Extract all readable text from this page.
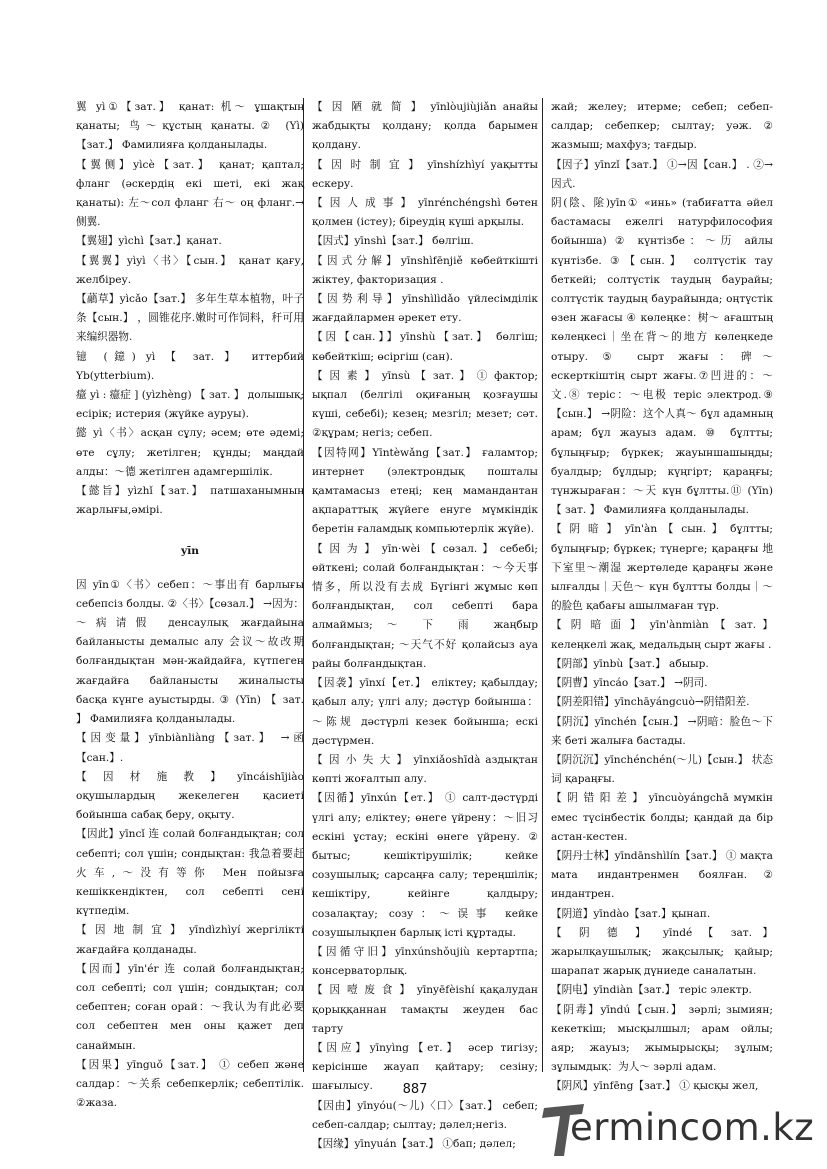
翼 yì①【зат.】 қанат: 机～ ұшақтың қанаты; 鸟～құстың қанаты.② (Yì)【зат.】 Фамилияға қолданылады.
【翼侧】yìcè【зат.】 қанат; қаптал; фланг (әскердің екі шеті, екі жақ қанаты): 左～сол фланг 右～ оң фланг.→侧翼.
【翼翅】yìchì【зат.】қанат.
【翼翼】yìyì〈书〉【сын.】 қанат қағу, желбірeу.
【虉草】yìcǎo【зат.】 多年生草本植物，叶子条【сын.】 ，圆锥花序.嫩时可作饲料，秆可用来编织器物.
镱 (鐿) yì 【 зат. 】 иттербий Yb(ytterbium).
癔 yì : 癔症 ] (yìzhèng) 【 зат. 】 долышық; есірік; истерия (жүйке ауруы).
懿 yì〈书〉асқан сұлу; әсем; өте әдемі; өте сұлу; жетілген; құнды; маңдай алды：～德 жетілген адамгершілік.
【懿旨】yìzhǐ【зат.】 патшаханымның жарлығы,әмірі.
yīn
因 yīn①〈书〉себеп：～事出有 барлығы себепсіз болды. ②〈书〉【сөзал.】 →因为：～病请假 денсаулық жағдайына байланысты демалыс алу 会议～故改期 болғандықтан мән-жайдайға, күтпеген жағдайға байланысты жиналысты басқа күнге ауыстырды. ③ (Yīn) 【 зат. 】 Фамилияға қолданылады.
【因变量】yīnbiànliàng【зат.】 →函【сан.】.
【 因 材 施 教 】 yīncáishījiào оқушылардың жекелеген қасиеті бойынша сабақ беру, оқыту.
【因此】yīncǐ 连 солай болғандықтан; сол себепті; сол үшін; сондықтан: 我急着要赶火车,～没有等你 Мен пойызға кешіккендіктен, сол себепті сені күтпедім.
【 因 地 制 宜 】 yīndìzhìyí жергілікті жағдайға қолданады.
【因而】yīn'ér 连 солай болғандықтан; сол себепті; сол үшін; сондықтан; сол себептен; соған орай：～我认为有此必要 сол себептен мен оны қажет деп санаймын.
【因果】yīnguǒ【зат.】 ① себеп және салдар：～关系 себепкерлік; себептілік. ②жаза.
【 因 陋 就 简 】 yīnlòujiùjiǎn анайы жабдықты қолдану; қолда барымен қолдану.
【 因 时 制 宜 】 yīnshízhìyí уақытты ескеру.
【 因 人 成 事 】 yīnrénchéngshì бөтен қолмен (істеу); біреудің күші арқылы.
【因式】yīnshì【зат.】 бөлгіш.
【因式分解】yīnshìfēnjiě көбейткішті жіктеу, факторизация .
【因势利导】yīnshìlìdǎo үйлесімділік жағдайлармен әрекет ету.
【因【сан.】】yīnshù【зат.】 бөлгіш; көбейткіш; өсіргіш (сан).
【 因 素 】 yīnsù 【 зат. 】 ① фактор; ықпал (белгілі оқиғаның қозғаушы күші, себебі); кезең; мезгіл; мезет; сәт. ②құрам; негіз; себеп.
【因特网】Yīntèwǎng【зат.】 ғаламтор; интернет (электрондық пошталы қамтамасыз етеңі; кең мамандантан ақпараттық жүйеге енуге мүмкіндік беретін ғаламдық компьютерлік жүйе).
【 因 为 】 yīn·wèi 【 сөзал. 】 себебі; өйткені; солай болғандықтан：～今天事情多，所以没有去成 Бүгінгі жұмыс көп болғандықтан, сол себепті бара алмаймыз; ～ 下 雨 жаңбыр болғандықтан; ～天气不好 қолайсыз ауа райы болғандықтан.
【因袭】yīnxí【ет.】 еліктеу; қабылдау; қабыл алу; үлгі алу; дәстүр бойынша：～陈规 дәстүрлі кезек бойынша; ескі дәстүрмен.
【 因 小 失 大 】 yīnxiǎoshīdà аздықтан көпті жоғалтып алу.
【因循】yīnxún【ет.】 ① салт-дәстүрді үлгі алу; еліктеу; өнеге үйрену：～旧习 ескіні ұстау; ескіні өнеге үйрену. ② бытыс; кешіктірушілік; кейке созушылық; сарсаңға салу; тереңшілік; кешіктіру, кейінге қалдыру; созалақтау; созу：～误事 кейке созушылықпен барлық істі құртады.
【因循守旧】yīnxúnshǒujiù кертартпа; консерваторлық.
【 因 噎 废 食 】 yīnyēfèishí қақалудан қорыққаннан тамақты жеуден бас тарту
【因应】yīnyìng【ет.】 әсер тигізу; керісінше жауап қайтару; сезіну; шағылысу.
【因由】yīnyóu(～儿)〈口〉【зат.】 себеп; себеп-салдар; сылтау; дәлел;негіз.
【因缘】yīnyuán【зат.】 ①бап; дәлел;
жай; желеу; итерме; себеп; себеп-салдар; себепкер; сылтау; уәж. ② жазмыш; махфуз; тағдыр.
【因子】yīnzǐ【зат.】 ①→因【сан.】 . ②→因式.
阴(陰、隂)yīn① «инь» (табиғатта әйел бастамасы ежелгі натурфилософия бойынша) ② күнтізбе：～历 айлы күнтізбе. ③【сын.】 солтүстік тау беткейі; солтүстік таудың баурайы; солтүстік таудың баурайында; оңтүстік өзен жағасы ④ көлеңке：树～ ағаштың көлеңкесі｜坐在背～的地方 көлеңкеде отыру. ⑤ сырт жағы：碑～ ескерткіштің сырт жағы.⑦凹进的：～文.⑧ теріс：～电极 теріс электрод.⑨【сын.】 →阴险：这个人真～ бұл адамның арам; бұл жауыз адам. ⑩ бұлтты; бұлыңғыр; бүркек; жауыншашыңды; буалдыр; бұлдыр; күңгірт; қараңғы; түнжыраған：～天 күн бұлтты.⑪ (Yīn) 【 зат. 】 Фамилияға қолданылады.
【 阴 暗 】 yīn'àn 【 сын. 】 бұлтты; бұлыңғыр; бүркек; түнерге; қараңғы 地下室里～潮湿 жертөледе қараңғы және ылғалды｜天色～ күн бұлтты болды｜～的脸色 қабағы ашылмаған түр.
【 阴 暗 面 】 yīn'ànmiàn 【 зат. 】 келеңкелі жақ, медальдың сырт жағы .
【阴部】yīnbù【зат.】 абыыр.
【阴曹】yīncáo【зат.】 →阴司.
【阴差阳错】yīnchāyángcuò→阴错阳差.
【阴沉】yīnchén【сын.】 →阴暗：脸色～下来 беті жалыға бастады.
【阴沉沉】yīnchénchén(～儿)【сын.】 状态词 қараңғы.
【 阴 错 阳 差 】 yīncuòyángchā мүмкін емес түсінбестік болды; қандай да бір астан-кестен.
【阴丹士林】yīndānshìlín【зат.】 ① мақта мата индантренмен боялған.② индантрен.
【阴道】yīndào【зат.】қынап.
【 阴 德 】 yīndé 【 зат. 】 жарылқаушылық; жақсылық; қайыр; шарапат жарық дүниеде саналатын.
【阴电】yīndiàn【зат.】 теріс электр.
【阴毒】yīndú【сын.】 зәрлі; зымиян; кекеткіш; мысқылшыл; арам ойлы; аяр; жауыз; жымырысқы; зұлым; зұлымдық：为人～ зәрлі адам.
【阴风】yīnfēng【зат.】 ① қысқы жел,
887
ermincom.kz
